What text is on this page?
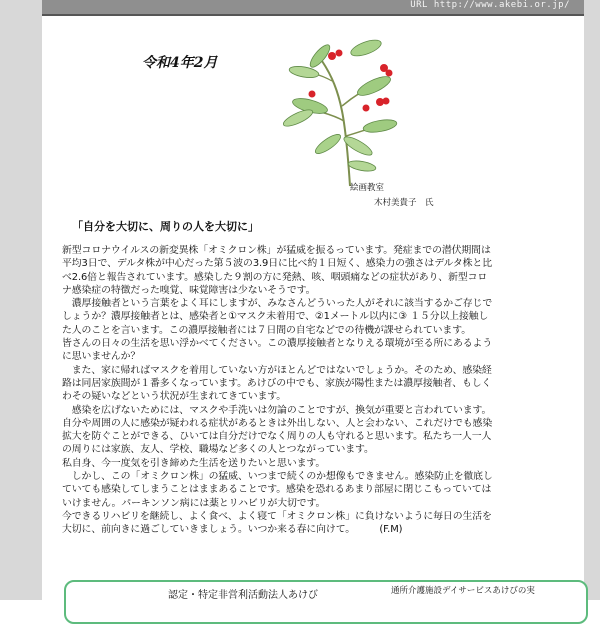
URL http://www.akebi.or.jp/
令和4年2月
絵画教室
木村美貴子　氏
「自分を大切に、周りの人を大切に」
新型コロナウイルスの新変異株「オミクロン株」が猛威を振るっています。発症までの潜伏期間は
平均3日で、デルタ株が中心だった第５波の3.9日に比べ約１日短く、感染力の強さはデルタ株と比
べ2.6倍と報告されています。感染した９割の方に発熱、咳、咽頭痛などの症状があり、新型コロ
ナ感染症の特徴だった嗅覚、味覚障害は少ないそうです。
　濃厚接触者という言葉をよく耳にしますが、みなさんどういった人がそれに該当するかご存じで
しょうか？濃厚接触者とは、感染者と①マスク未着用で、②1メートル以内に③ １５分以上接触し
た人のことを言います。この濃厚接触者には７日間の自宅などでの待機が課せられています。
皆さんの日々の生活を思い浮かべてください。この濃厚接触者となりえる環境が至る所にあるよう
に思いませんか？
　また、家に帰ればマスクを着用していない方がほとんどではないでしょうか。そのため、感染経
路は同居家族間が１番多くなっています。あけびの中でも、家族が陽性または濃厚接触者、もしく
わその疑いなどという状況が生まれてきています。
　感染を広げないためには、マスクや手洗いは勿論のことですが、換気が重要と言われています。
自分や周囲の人に感染が疑われる症状があるときは外出しない、人と会わない、これだけでも感染
拡大を防ぐことができる、ひいては自分だけでなく周りの人も守れると思います。私たち一人一人
の周りには家族、友人、学校、職場など多くの人とつながっています。
私自身、今一度気を引き締めた生活を送りたいと思います。
　しかし、この「オミクロン株」の猛威、いつまで続くのか想像もできません。感染防止を徹底し
ていても感染してしまうことはままあることです。感染を恐れるあまり部屋に閉じこもっていては
いけません。パーキンソン病には薬とリハビリが大切です。
今できるリハビリを継続し、よく食べ、よく寝て「オミクロン株」に負けないように毎日の生活を
大切に、前向きに過ごしていきましょう。いつか来る春に向けて。　　　(F.M)
認定・特定非営利活動法人あけび	通所介護施設デイサービスあけびの実
